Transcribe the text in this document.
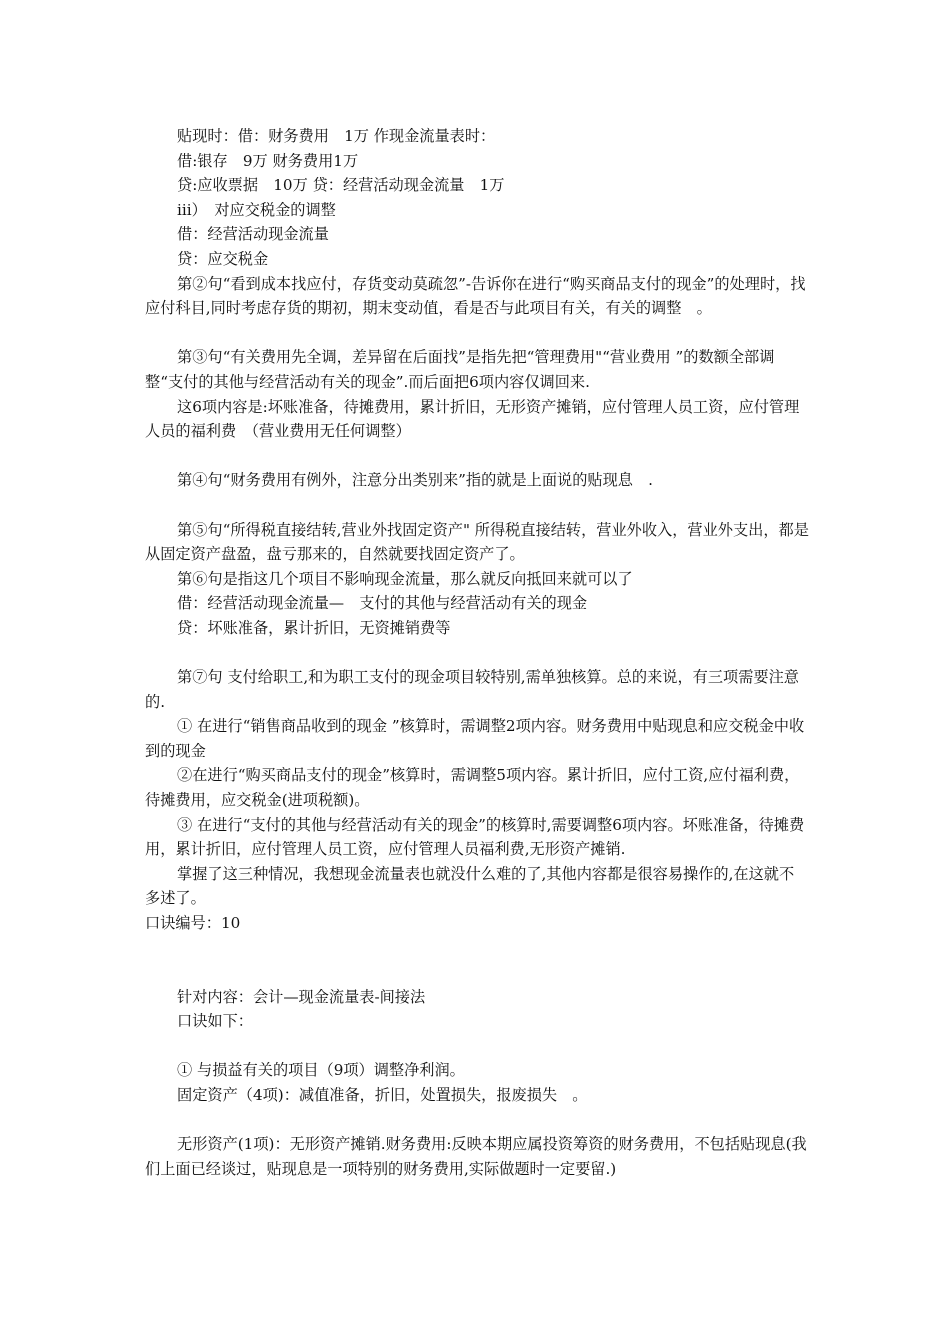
贴现时：借：财务费用　1万 作现金流量表时：

借:银存　9万 财务费用1万

贷:应收票据　10万 贷：经营活动现金流量　1万

iii）　对应交税金的调整

借：经营活动现金流量

贷：应交税金

第②句“看到成本找应付，存货变动莫疏忽”-告诉你在进行“购买商品支付的现金”的处理时，找应付科目,同时考虑存货的期初，期末变动值，看是否与此项目有关，有关的调整　。

第③句“有关费用先全调，差异留在后面找”是指先把“管理费用"“营业费用 ”的数额全部调整“支付的其他与经营活动有关的现金”.而后面把6项内容仅调回来.

这6项内容是:坏账准备，待摊费用，累计折旧，无形资产摊销，应付管理人员工资，应付管理人员的福利费　（营业费用无任何调整）

第④句“财务费用有例外，注意分出类别来”指的就是上面说的贴现息　.

第⑤句“所得税直接结转,营业外找固定资产" 所得税直接结转，营业外收入，营业外支出，都是从固定资产盘盈，盘亏那来的，自然就要找固定资产了。

第⑥句是指这几个项目不影响现金流量，那么就反向抵回来就可以了

借：经营活动现金流量—　支付的其他与经营活动有关的现金

贷：坏账准备，累计折旧，无资摊销费等

第⑦句 支付给职工,和为职工支付的现金项目较特别,需单独核算。总的来说，有三项需要注意的.

① 在进行“销售商品收到的现金 ”核算时，需调整2项内容。财务费用中贴现息和应交税金中收到的现金

②在进行“购买商品支付的现金”核算时，需调整5项内容。累计折旧，应付工资,应付福利费，待摊费用，应交税金(进项税额)。

③ 在进行“支付的其他与经营活动有关的现金”的核算时,需要调整6项内容。坏账准备，待摊费用，累计折旧，应付管理人员工资，应付管理人员福利费,无形资产摊销.

掌握了这三种情况，我想现金流量表也就没什么难的了,其他内容都是很容易操作的,在这就不多述了。

口诀编号：10

针对内容：会计—现金流量表-间接法

口诀如下：

① 与损益有关的项目（9项）调整净利润。

固定资产（4项)：减值准备，折旧，处置损失，报废损失　。

无形资产(1项)：无形资产摊销.财务费用:反映本期应属投资筹资的财务费用，不包括贴现息(我们上面已经谈过，贴现息是一项特别的财务费用,实际做题时一定要留.)
